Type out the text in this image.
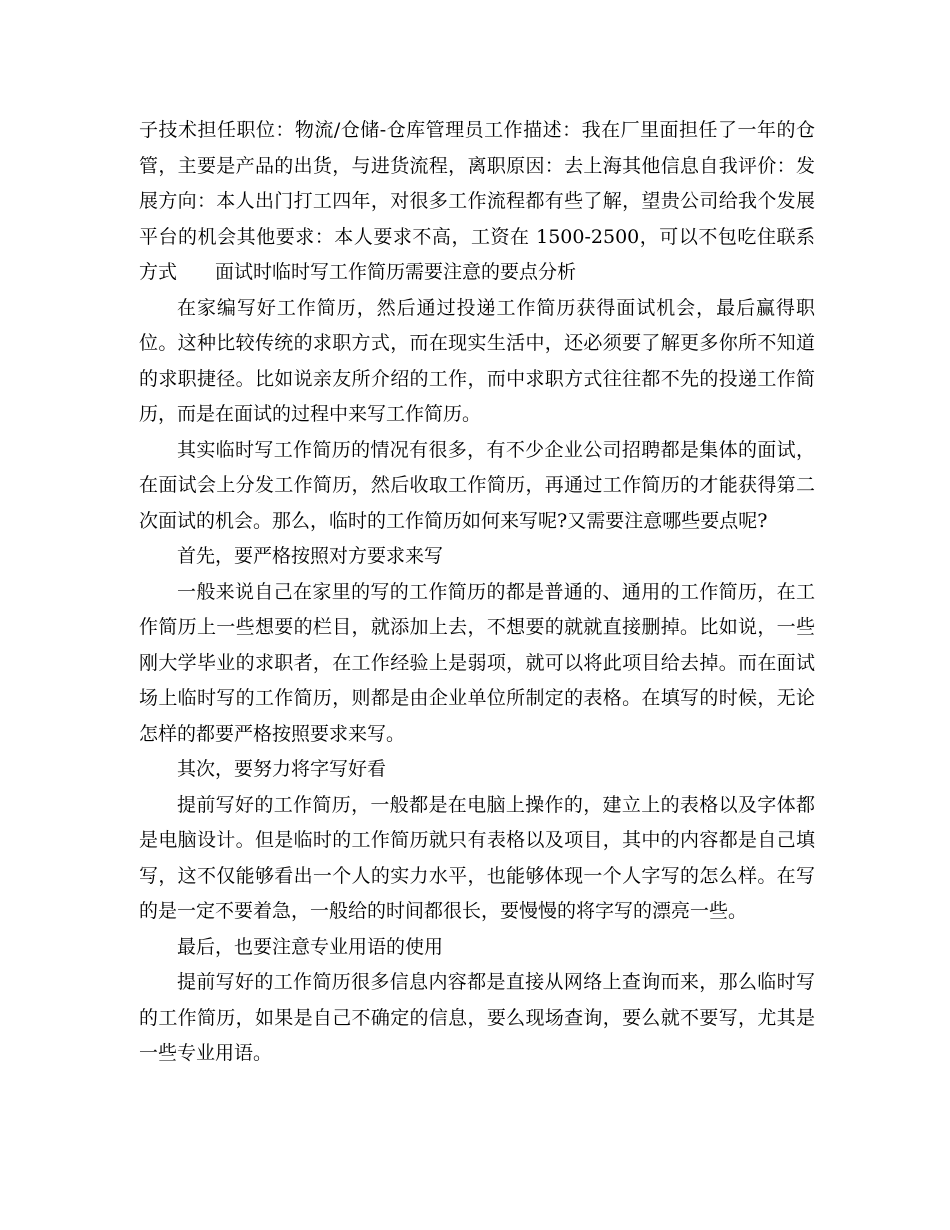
子技术担任职位：物流/仓储-仓库管理员工作描述：我在厂里面担任了一年的仓管，主要是产品的出货，与进货流程，离职原因：去上海其他信息自我评价：发展方向：本人出门打工四年，对很多工作流程都有些了解，望贵公司给我个发展平台的机会其他要求：本人要求不高，工资在 1500-2500，可以不包吃住联系方式　　面试时临时写工作简历需要注意的要点分析

在家编写好工作简历，然后通过投递工作简历获得面试机会，最后赢得职位。这种比较传统的求职方式，而在现实生活中，还必须要了解更多你所不知道的求职捷径。比如说亲友所介绍的工作，而中求职方式往往都不先的投递工作简历，而是在面试的过程中来写工作简历。

其实临时写工作简历的情况有很多，有不少企业公司招聘都是集体的面试，在面试会上分发工作简历，然后收取工作简历，再通过工作简历的才能获得第二次面试的机会。那么，临时的工作简历如何来写呢?又需要注意哪些要点呢?

首先，要严格按照对方要求来写

一般来说自己在家里的写的工作简历的都是普通的、通用的工作简历，在工作简历上一些想要的栏目，就添加上去，不想要的就就直接删掉。比如说，一些刚大学毕业的求职者，在工作经验上是弱项，就可以将此项目给去掉。而在面试场上临时写的工作简历，则都是由企业单位所制定的表格。在填写的时候，无论怎样的都要严格按照要求来写。

其次，要努力将字写好看

提前写好的工作简历，一般都是在电脑上操作的，建立上的表格以及字体都是电脑设计。但是临时的工作简历就只有表格以及项目，其中的内容都是自己填写，这不仅能够看出一个人的实力水平，也能够体现一个人字写的怎么样。在写的是一定不要着急，一般给的时间都很长，要慢慢的将字写的漂亮一些。

最后，也要注意专业用语的使用

提前写好的工作简历很多信息内容都是直接从网络上查询而来，那么临时写的工作简历，如果是自己不确定的信息，要么现场查询，要么就不要写，尤其是一些专业用语。
